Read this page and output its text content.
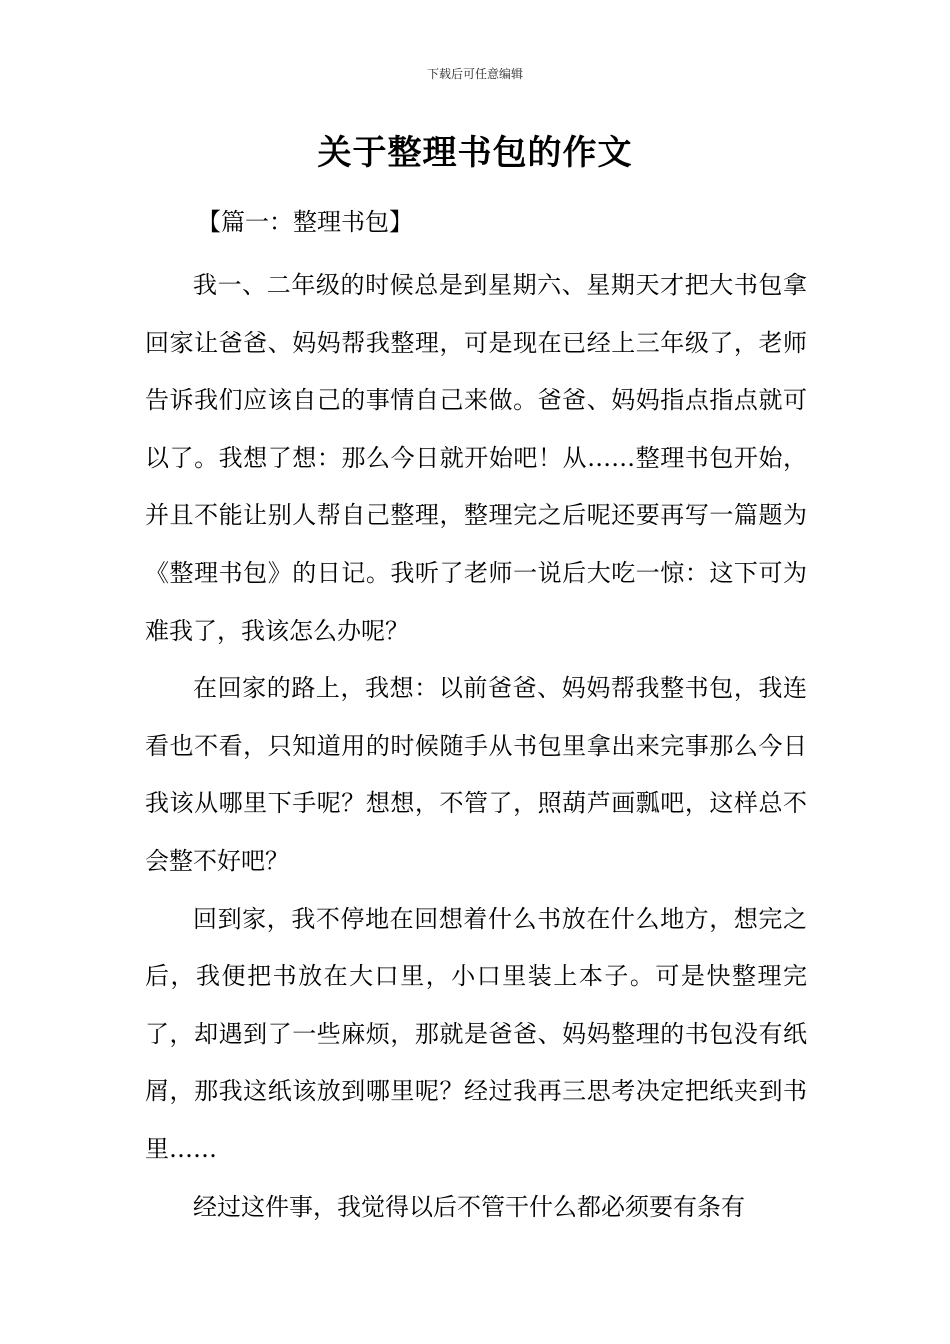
下载后可任意编辑
关于整理书包的作文
【篇一：整理书包】

我一、二年级的时候总是到星期六、星期天才把大书包拿回家让爸爸、妈妈帮我整理，可是现在已经上三年级了，老师告诉我们应该自己的事情自己来做。爸爸、妈妈指点指点就可以了。我想了想：那么今日就开始吧！从……整理书包开始，并且不能让别人帮自己整理，整理完之后呢还要再写一篇题为《整理书包》的日记。我听了老师一说后大吃一惊：这下可为难我了，我该怎么办呢？

在回家的路上，我想：以前爸爸、妈妈帮我整书包，我连看也不看，只知道用的时候随手从书包里拿出来完事那么今日我该从哪里下手呢？想想，不管了，照葫芦画瓢吧，这样总不会整不好吧？

回到家，我不停地在回想着什么书放在什么地方，想完之后，我便把书放在大口里，小口里装上本子。可是快整理完了，却遇到了一些麻烦，那就是爸爸、妈妈整理的书包没有纸屑，那我这纸该放到哪里呢？经过我再三思考决定把纸夹到书里……

经过这件事，我觉得以后不管干什么都必须要有条有
